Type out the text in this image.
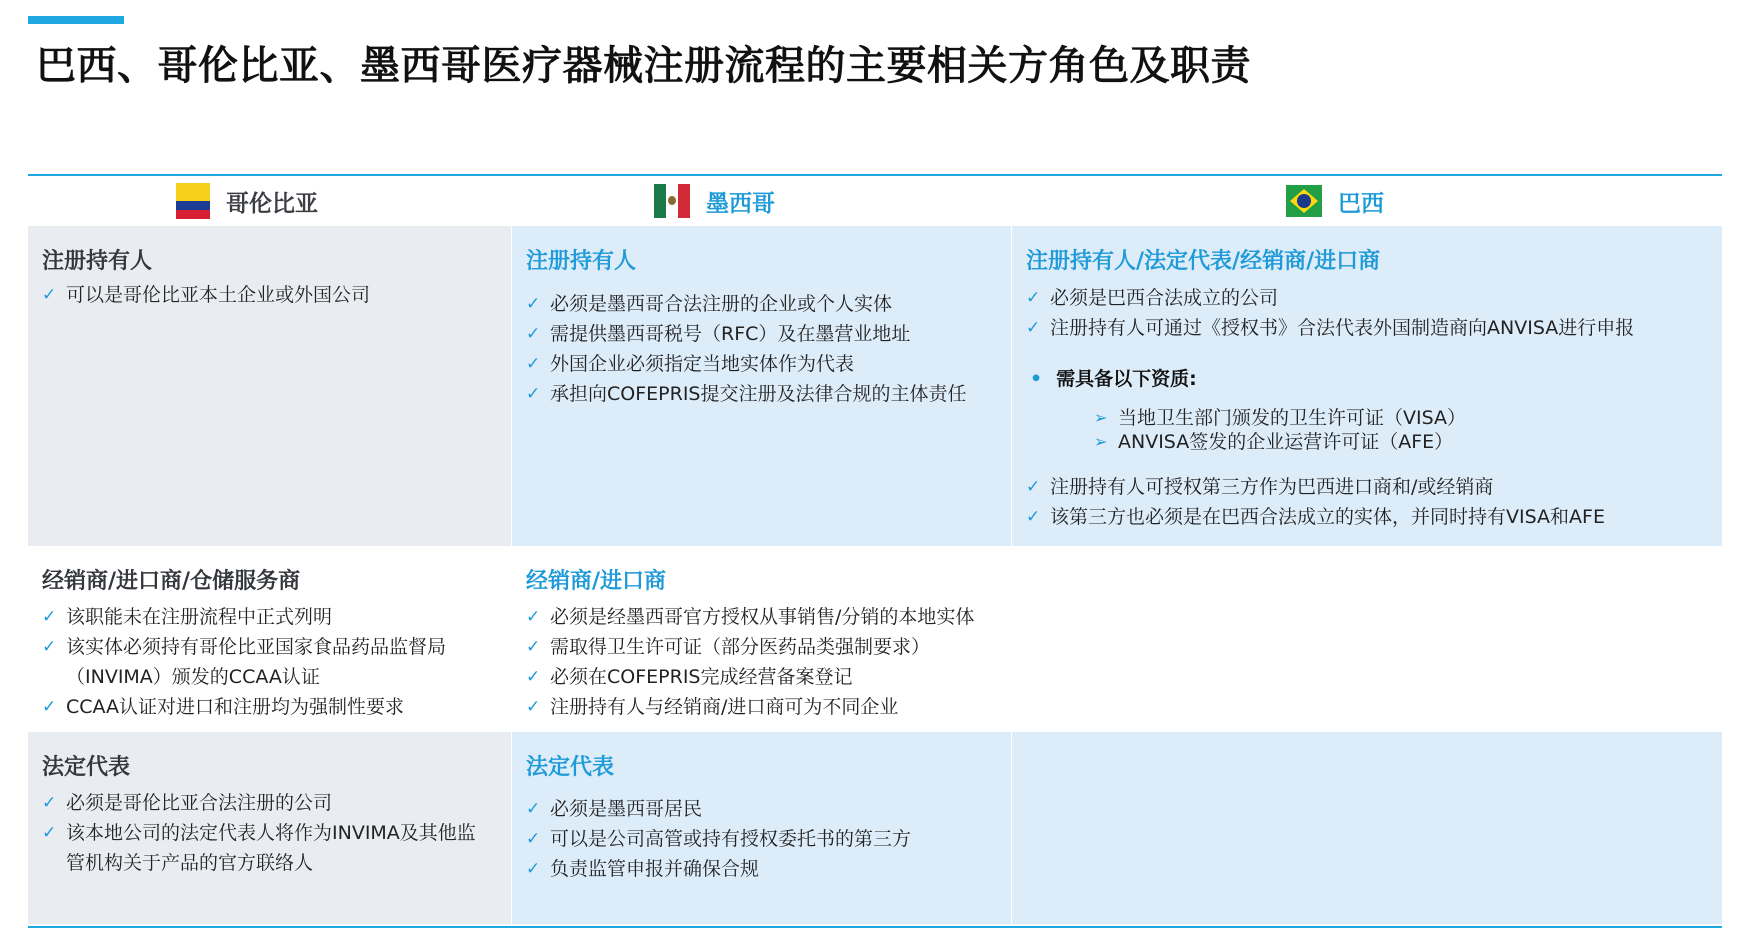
巴西、哥伦比亚、墨西哥医疗器械注册流程的主要相关方角色及职责
哥伦比亚	墨西哥	巴西
注册持有人
✓ 可以是哥伦比亚本土企业或外国公司
注册持有人
✓ 必须是墨西哥合法注册的企业或个人实体
✓ 需提供墨西哥税号（RFC）及在墨营业地址
✓ 外国企业必须指定当地实体作为代表
✓ 承担向COFEPRIS提交注册及法律合规的主体责任
注册持有人/法定代表/经销商/进口商
✓ 必须是巴西合法成立的公司
✓ 注册持有人可通过《授权书》合法代表外国制造商向ANVISA进行申报
• 需具备以下资质:
➢ 当地卫生部门颁发的卫生许可证（VISA）
➢ ANVISA签发的企业运营许可证（AFE）
✓ 注册持有人可授权第三方作为巴西进口商和/或经销商
✓ 该第三方也必须是在巴西合法成立的实体，并同时持有VISA和AFE
经销商/进口商/仓储服务商
✓ 该职能未在注册流程中正式列明
✓ 该实体必须持有哥伦比亚国家食品药品监督局（INVIMA）颁发的CCAA认证
✓ CCAA认证对进口和注册均为强制性要求
经销商/进口商
✓ 必须是经墨西哥官方授权从事销售/分销的本地实体
✓ 需取得卫生许可证（部分医药品类强制要求）
✓ 必须在COFEPRIS完成经营备案登记
✓ 注册持有人与经销商/进口商可为不同企业
法定代表
✓ 必须是哥伦比亚合法注册的公司
✓ 该本地公司的法定代表人将作为INVIMA及其他监管机构关于产品的官方联络人
法定代表
✓ 必须是墨西哥居民
✓ 可以是公司高管或持有授权委托书的第三方
✓ 负责监管申报并确保合规
